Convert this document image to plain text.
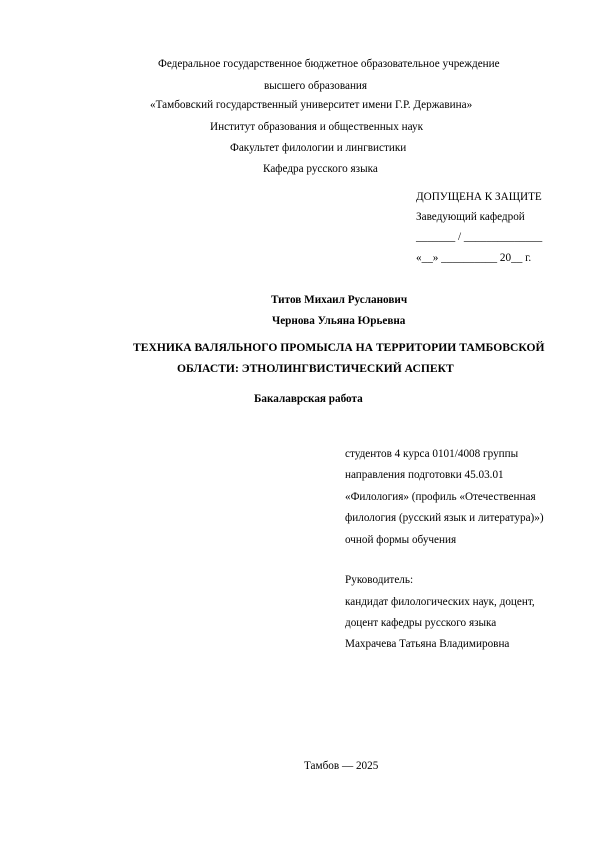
Федеральное государственное бюджетное образовательное учреждение
высшего образования
«Тамбовский государственный университет имени Г.Р. Державина»
Институт образования и общественных наук
Факультет филологии и лингвистики
Кафедра русского языка
ДОПУЩЕНА К ЗАЩИТЕ
Заведующий кафедрой
_______ / ______________
«__» __________ 20__ г.
Титов Михаил Русланович
Чернова Ульяна Юрьевна
ТЕХНИКА ВАЛЯЛЬНОГО ПРОМЫСЛА НА ТЕРРИТОРИИ ТАМБОВСКОЙ
ОБЛАСТИ: ЭТНОЛИНГВИСТИЧЕСКИЙ АСПЕКТ
Бакалаврская работа
студентов 4 курса 0101/4008 группы
направления подготовки 45.03.01
«Филология» (профиль «Отечественная
филология (русский язык и литература)»)
очной формы обучения
Руководитель:
кандидат филологических наук, доцент,
доцент кафедры русского языка
Махрачева Татьяна Владимировна
Тамбов — 2025
